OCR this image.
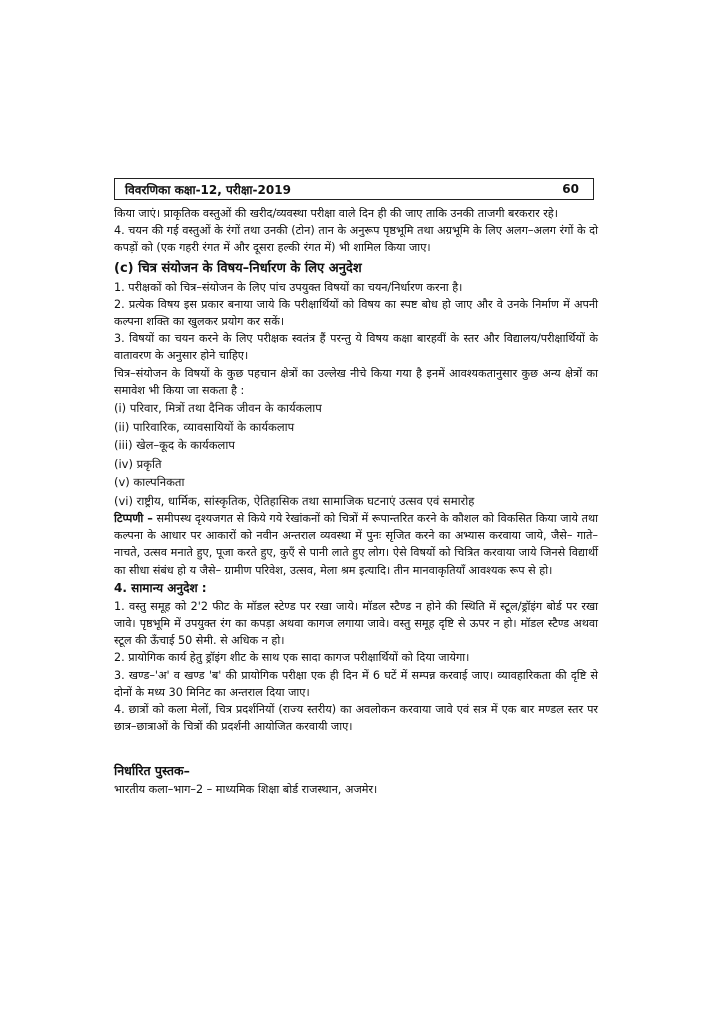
विवरणिका कक्षा-12, परीक्षा-2019	60

किया जाएं। प्राकृतिक वस्तुओं की खरीद/व्यवस्था परीक्षा वाले दिन ही की जाए ताकि उनकी ताजगी बरकरार रहे।

4. चयन की गई वस्तुओं के रंगों तथा उनकी (टोन) तान के अनुरूप पृष्ठभूमि तथा अग्रभूमि के लिए अलग–अलग रंगों के दो कपड़ों को (एक गहरी रंगत में और दूसरा हल्की रंगत में) भी शामिल किया जाए।

(c) चित्र संयोजन के विषय–निर्धारण के लिए अनुदेश

1. परीक्षकों को चित्र–संयोजन के लिए पांच उपयुक्त विषयों का चयन/निर्धारण करना है।

2. प्रत्येक विषय इस प्रकार बनाया जाये कि परीक्षार्थियों को विषय का स्पष्ट बोध हो जाए और वे उनके निर्माण में अपनी कल्पना शक्ति का खुलकर प्रयोग कर सकें।

3. विषयों का चयन करने के लिए परीक्षक स्वतंत्र हैं परन्तु ये विषय कक्षा बारहवीं के स्तर और विद्यालय/परीक्षार्थियों के वातावरण के अनुसार होने चाहिए।

चित्र–संयोजन के विषयों के कुछ पहचान क्षेत्रों का उल्लेख नीचे किया गया है इनमें आवश्यकतानुसार कुछ अन्य क्षेत्रों का समावेश भी किया जा सकता है :

(i) परिवार, मित्रों तथा दैनिक जीवन के कार्यकलाप

(ii) पारिवारिक, व्यावसायियों के कार्यकलाप

(iii) खेल–कूद के कार्यकलाप

(iv) प्रकृति

(v) काल्पनिकता

(vi) राष्ट्रीय, धार्मिक, सांस्कृतिक, ऐतिहासिक तथा सामाजिक घटनाएं उत्सव एवं समारोह

टिप्पणी – समीपस्थ दृश्यजगत से किये गये रेखांकनों को चित्रों में रूपान्तरित करने के कौशल को विकसित किया जाये तथा कल्पना के आधार पर आकारों को नवीन अन्तराल व्यवस्था में पुनः सृजित करने का अभ्यास करवाया जाये, जैसे– गाते–नाचते, उत्सव मनाते हुए, पूजा करते हुए, कुएँ से पानी लाते हुए लोग। ऐसे विषयों को चित्रित करवाया जाये जिनसे विद्यार्थी का सीधा संबंध हो य जैसे– ग्रामीण परिवेश, उत्सव, मेला श्रम इत्यादि। तीन मानवाकृतियाँ आवश्यक रूप से हो।

4. सामान्य अनुदेश :

1. वस्तु समूह को 2'2 फीट के मॉडल स्टेण्ड पर रखा जाये। मॉडल स्टैण्ड न होने की स्थिति में स्टूल/ड्रॉइंग बोर्ड पर रखा जावे। पृष्ठभूमि में उपयुक्त रंग का कपड़ा अथवा कागज लगाया जावे। वस्तु समूह दृष्टि से ऊपर न हो। मॉडल स्टैण्ड अथवा स्टूल की ऊँचाई 50 सेमी. से अधिक न हो।

2. प्रायोगिक कार्य हेतु ड्रॉइंग शीट के साथ एक सादा कागज परीक्षार्थियों को दिया जायेगा।

3. खण्ड–'अ' व खण्ड 'ब' की प्रायोगिक परीक्षा एक ही दिन में 6 घटें में सम्पन्न करवाई जाए। व्यावहारिकता की दृष्टि से दोनों के मध्य 30 मिनिट का अन्तराल दिया जाए।

4. छात्रों को कला मेलों, चित्र प्रदर्शनियों (राज्य स्तरीय) का अवलोकन करवाया जावे एवं सत्र में एक बार मण्डल स्तर पर छात्र–छात्राओं के चित्रों की प्रदर्शनी आयोजित करवायी जाए।

निर्धारित पुस्तक–

भारतीय कला–भाग–2 – माध्यमिक शिक्षा बोर्ड राजस्थान, अजमेर।
